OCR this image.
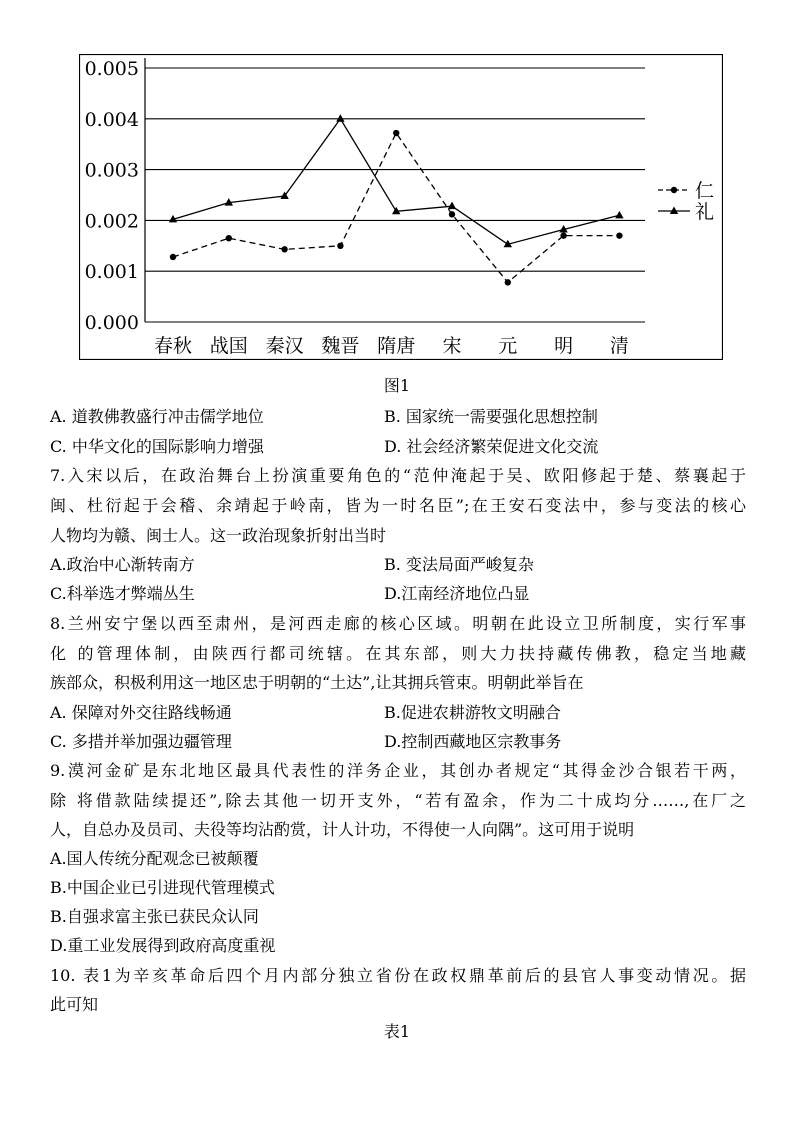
0.000
0.001
0.002
0.003
0.004
0.005
春秋 战国 秦汉 魏晋 隋唐 宋 元 明 清
仁
礼
图1
A. 道教佛教盛行冲击儒学地位	B. 国家统一需要强化思想控制
C. 中华文化的国际影响力增强	D. 社会经济繁荣促进文化交流
7.入宋以后，在政治舞台上扮演重要角色的“范仲淹起于吴、欧阳修起于楚、蔡襄起于
闽、杜衍起于会稽、余靖起于岭南，皆为一时名臣”;在王安石变法中，参与变法的核心
人物均为赣、闽士人。这一政治现象折射出当时
A.政治中心渐转南方	B. 变法局面严峻复杂
C.科举选才弊端丛生	D.江南经济地位凸显
8.兰州安宁堡以西至肃州，是河西走廊的核心区域。明朝在此设立卫所制度，实行军事
化 的管理体制，由陕西行都司统辖。在其东部，则大力扶持藏传佛教，稳定当地藏
族部众，积极利用这一地区忠于明朝的“土达”,让其拥兵管束。明朝此举旨在
A. 保障对外交往路线畅通	B.促进农耕游牧文明融合
C. 多措并举加强边疆管理	D.控制西藏地区宗教事务
9.漠河金矿是东北地区最具代表性的洋务企业，其创办者规定“其得金沙合银若干两，
除 将借款陆续提还”,除去其他一切开支外，“若有盈余，作为二十成均分……,在厂之
人，自总办及员司、夫役等均沾酌赏，计人计功，不得使一人向隅”。这可用于说明
A.国人传统分配观念已被颠覆
B.中国企业已引进现代管理模式
B.自强求富主张已获民众认同
D.重工业发展得到政府高度重视
10. 表1为辛亥革命后四个月内部分独立省份在政权鼎革前后的县官人事变动情况。据
此可知
表1
